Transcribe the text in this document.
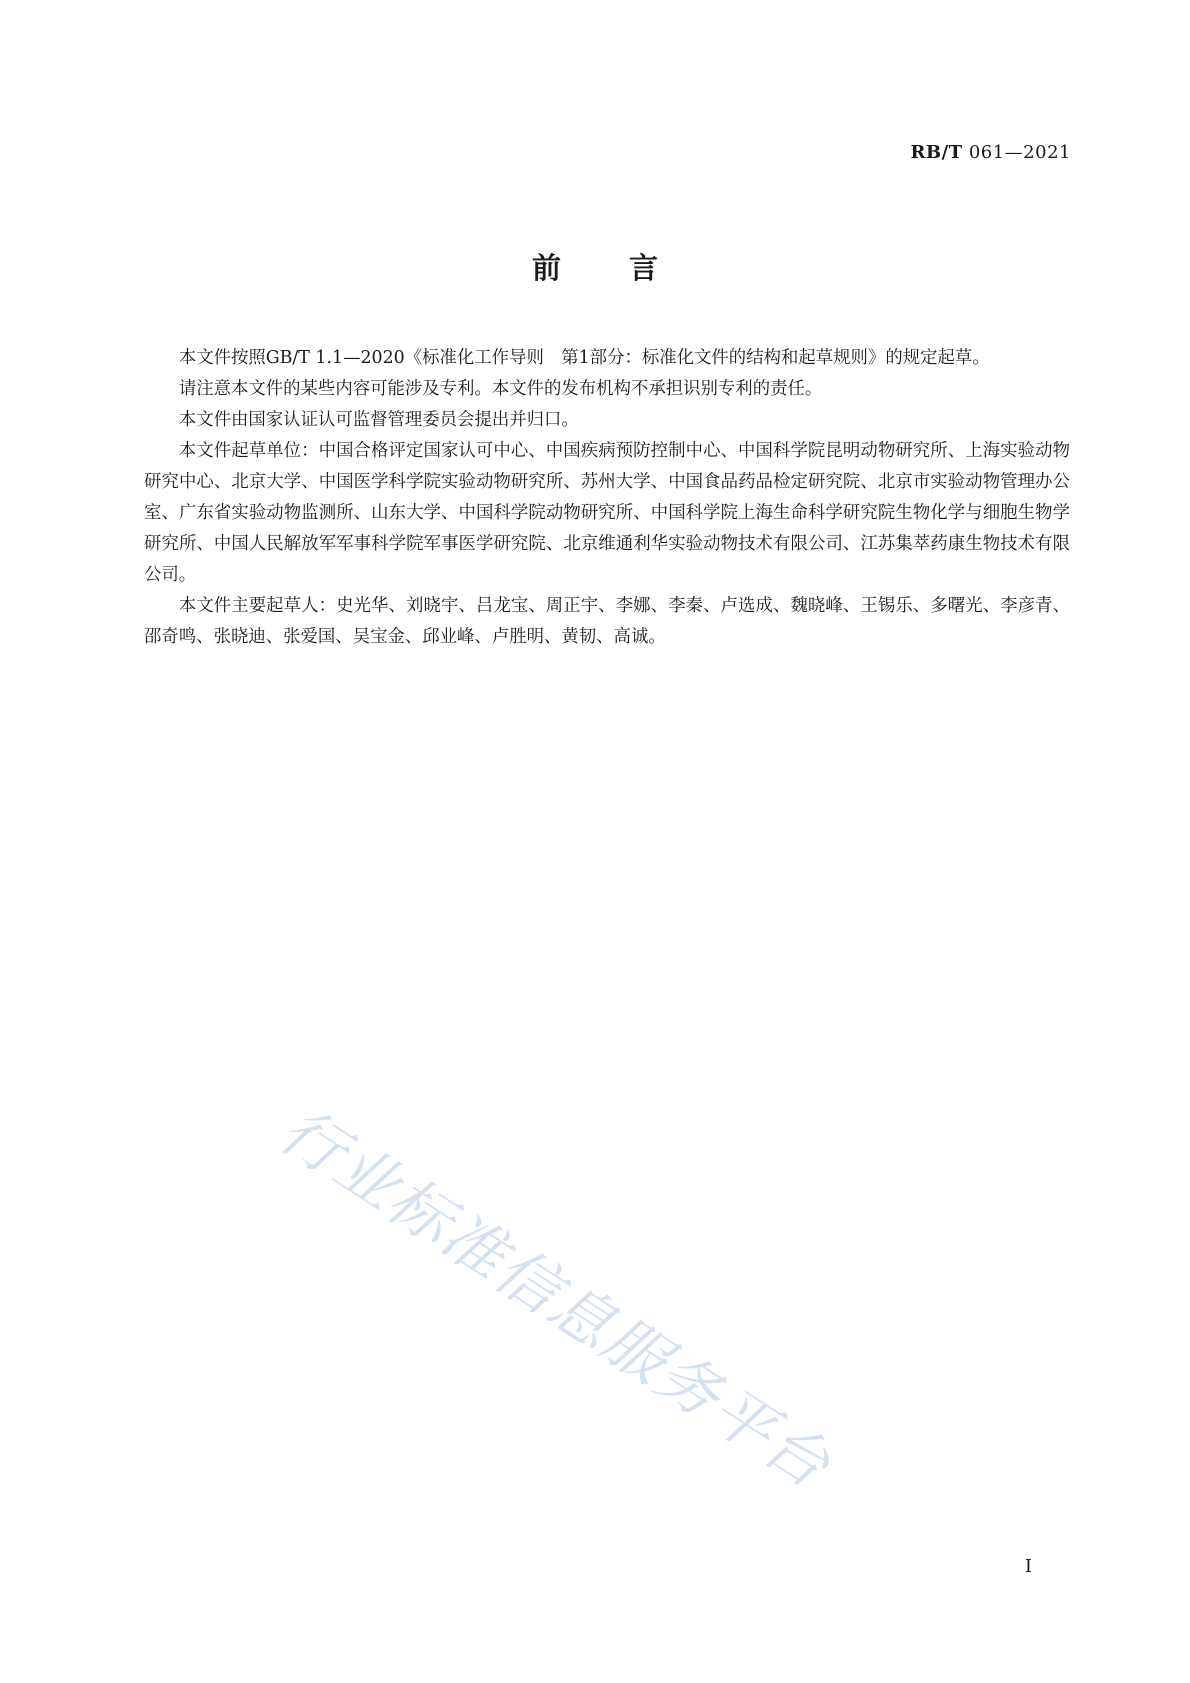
RB/T 061—2021
前 言

本文件按照GB/T 1.1—2020《标准化工作导则　第1部分：标准化文件的结构和起草规则》的规定起草。

请注意本文件的某些内容可能涉及专利。本文件的发布机构不承担识别专利的责任。

本文件由国家认证认可监督管理委员会提出并归口。

本文件起草单位：中国合格评定国家认可中心、中国疾病预防控制中心、中国科学院昆明动物研究所、上海实验动物研究中心、北京大学、中国医学科学院实验动物研究所、苏州大学、中国食品药品检定研究院、北京市实验动物管理办公室、广东省实验动物监测所、山东大学、中国科学院动物研究所、中国科学院上海生命科学研究院生物化学与细胞生物学研究所、中国人民解放军军事科学院军事医学研究院、北京维通利华实验动物技术有限公司、江苏集萃药康生物技术有限公司。

本文件主要起草人：史光华、刘晓宇、吕龙宝、周正宇、李娜、李秦、卢选成、魏晓峰、王锡乐、多曙光、李彦青、邵奇鸣、张晓迪、张爱国、吴宝金、邱业峰、卢胜明、黄韧、高诚。

行业标准信息服务平台
I
